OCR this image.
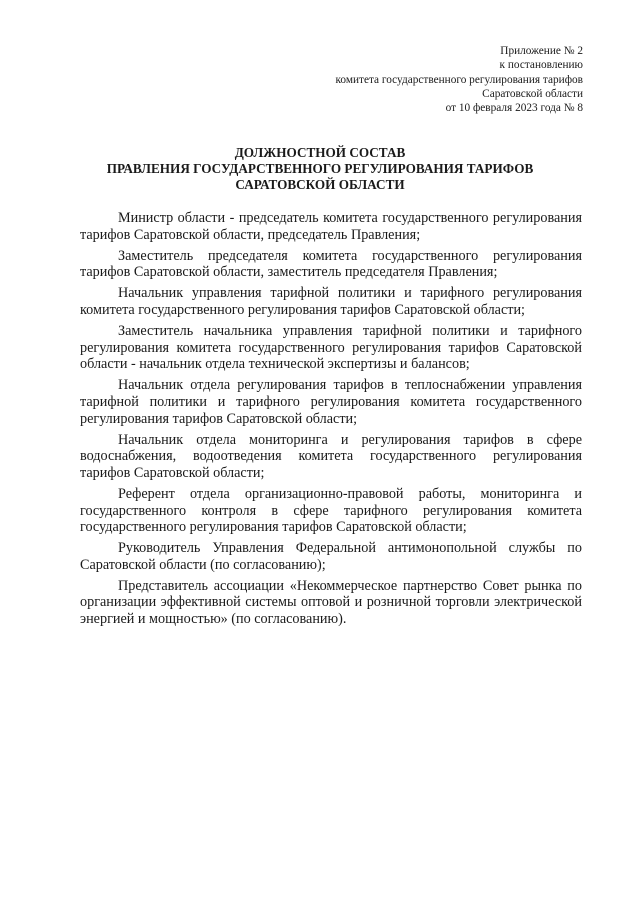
Приложение № 2
к постановлению
комитета государственного регулирования тарифов
Саратовской области
от 10 февраля 2023 года № 8
ДОЛЖНОСТНОЙ СОСТАВ
ПРАВЛЕНИЯ ГОСУДАРСТВЕННОГО РЕГУЛИРОВАНИЯ ТАРИФОВ
САРАТОВСКОЙ ОБЛАСТИ

Министр области - председатель комитета государственного регулирования тарифов Саратовской области, председатель Правления;

Заместитель председателя комитета государственного регулирования тарифов Саратовской области, заместитель председателя Правления;

Начальник управления тарифной политики и тарифного регулирования комитета государственного регулирования тарифов Саратовской области;

Заместитель начальника управления тарифной политики и тарифного регулирования комитета государственного регулирования тарифов Саратовской области - начальник отдела технической экспертизы и балансов;

Начальник отдела регулирования тарифов в теплоснабжении управления тарифной политики и тарифного регулирования комитета государственного регулирования тарифов Саратовской области;

Начальник отдела мониторинга и регулирования тарифов в сфере водоснабжения, водоотведения комитета государственного регулирования тарифов Саратовской области;

Референт отдела организационно-правовой работы, мониторинга и государственного контроля в сфере тарифного регулирования комитета государственного регулирования тарифов Саратовской области;

Руководитель Управления Федеральной антимонопольной службы по Саратовской области (по согласованию);

Представитель ассоциации «Некоммерческое партнерство Совет рынка по организации эффективной системы оптовой и розничной торговли электрической энергией и мощностью» (по согласованию).
